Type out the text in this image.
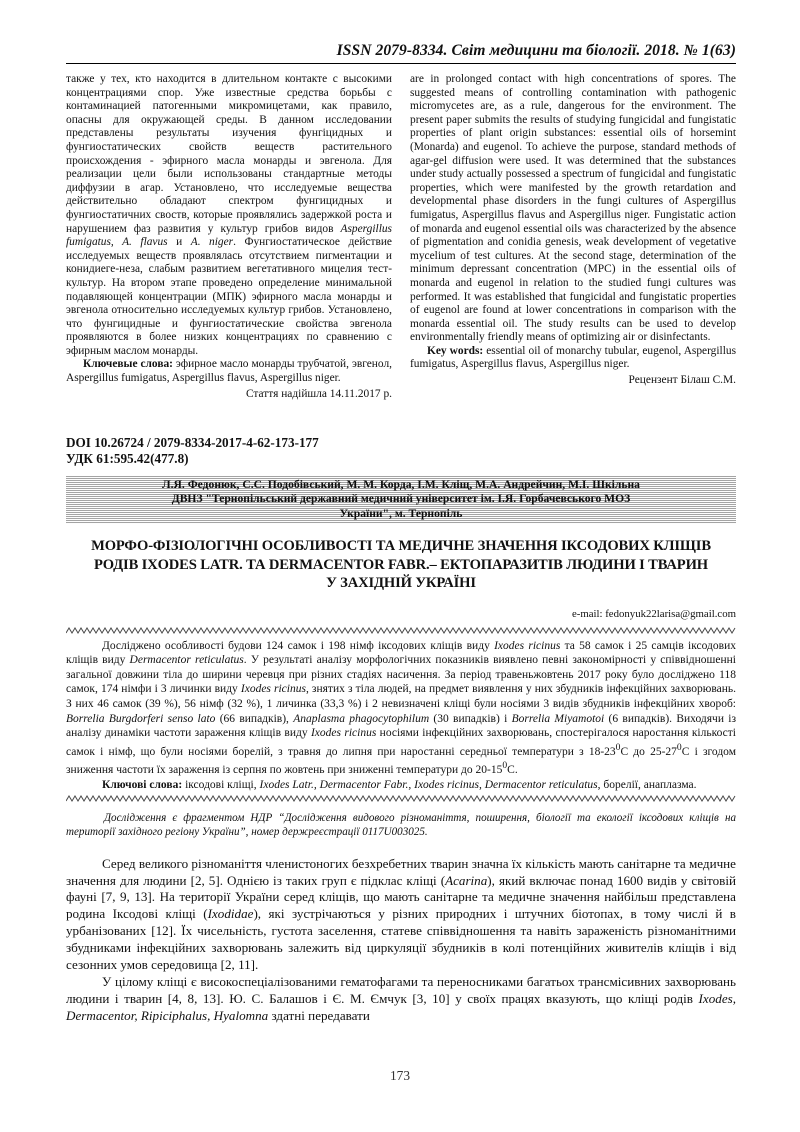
ISSN 2079-8334. Світ медицини та біології. 2018. № 1(63)

также у тех, кто находится в длительном контакте с высокими концентрациями спор. Уже известные средства борьбы с контаминацией патогенными микромицетами, как правило, опасны для окружающей среды. В данном исследовании представлены результаты изучения фунгіцидных и фунгиостатических свойств веществ растительного происхождения - эфирного масла монарды и эвгенола. Для реализации цели были использованы стандартные методы диффузии в агар. Установлено, что исследуемые вещества действительно обладают спектром фунгицидных и фунгиостатичних своств, которые проявлялись задержкой роста и нарушением фаз развития у культур грибов видов Aspergillus fumigatus, A. flavus и A. niger. Фунгиостатическое действие исследуемых веществ проявлялась отсутствием пигментации и конидиеге-неза, слабым развитием вегетативного мицелия тест-культур. На втором этапе проведено определение минимальной подавляющей концентрации (МПК) эфирного масла монарды и эвгенола относительно исследуемых культур грибов. Установлено, что фунгицидные и фунгиостатические свойства эвгенола проявляются в более низких концентрациях по сравнению с эфирным маслом монарды.

Ключевые слова: эфирное масло монарды трубчатой, эвгенол, Aspergillus fumigatus, Aspergillus flavus, Aspergillus niger.

Стаття надійшла 14.11.2017 р.

are in prolonged contact with high concentrations of spores. The suggested means of controlling contamination with pathogenic micromycetes are, as a rule, dangerous for the environment. The present paper submits the results of studying fungicidal and fungistatic properties of plant origin substances: essential oils of horsemint (Monarda) and eugenol. To achieve the purpose, standard methods of agar-gel diffusion were used. It was determined that the substances under study actually possessed a spectrum of fungicidal and fungistatic properties, which were manifested by the growth retardation and developmental phase disorders in the fungi cultures of Aspergillus fumigatus, Aspergillus flavus and Aspergillus niger. Fungistatic action of monarda and eugenol essential oils was characterized by the absence of pigmentation and conidia genesis, weak development of vegetative mycelium of test cultures. At the second stage, determination of the minimum depressant concentration (MPC) in the essential oils of monarda and eugenol in relation to the studied fungi cultures was performed. It was established that fungicidal and fungistatic properties of eugenol are found at lower concentrations in comparison with the monarda essential oil. The study results can be used to develop environmentally friendly means of optimizing air or disinfectants.

Key words: essential oil of monarchy tubular, eugenol, Aspergillus fumigatus, Aspergillus flavus, Aspergillus niger.

Рецензент Білаш С.М.

DOI 10.26724 / 2079-8334-2017-4-62-173-177
УДК 61:595.42(477.8)
Л.Я. Федонюк, С.С. Подобівський, М. М. Корда, І.М. Кліщ, М.А. Андрейчин, М.І. Шкільна
ДВНЗ "Тернопільський державний медичний університет ім. І.Я. Горбачевського МОЗ
України", м. Тернопіль
МОРФО-ФІЗІОЛОГІЧНІ ОСОБЛИВОСТІ ТА МЕДИЧНЕ ЗНАЧЕННЯ ІКСОДОВИХ КЛІЩІВ
РОДІВ IXODES LATR. ТА DERMACENTOR FABR.– ЕКТОПАРАЗИТІВ ЛЮДИНИ І ТВАРИН
У ЗАХІДНІЙ УКРАЇНІ
e-mail: fedonyuk22larisa@gmail.com

Досліджено особливості будови 124 самок і 198 німф іксодових кліщів виду Ixodes ricinus та 58 самок і 25 самців іксодових кліщів виду Dermacentor reticulatus. У результаті аналізу морфологічних показників виявлено певні закономірності у співвідношенні загальної довжини тіла до ширини черевця при різних стадіях насичення. За період травеньжовтень 2017 року було досліджено 118 самок, 174 німфи і 3 личинки виду Ixodes ricinus, знятих з тіла людей, на предмет виявлення у них збудників інфекційних захворювань. З них 46 самок (39 %), 56 німф (32 %), 1 личинка (33,3 %) і 2 невизначені кліщі були носіями 3 видів збудників інфекційних хвороб: Borrelia Burgdorferi senso lato (66 випадків), Anaplasma phagocytophilum (30 випадків) і Borrelia Miyamotoi (6 випадків). Виходячи із аналізу динаміки частоти зараження кліщів виду Ixodes ricinus носіями інфекційних захворювань, спостерігалося наростання кількості самок і німф, що були носіями борелій, з травня до липня при наростанні середньої температури з $18-23^0С$ до $25-27^0С$ і згодом зниження частоти їх зараження із серпня по жовтень при зниженні температури до $20-15^0С$.

Ключові слова: іксодові кліщі, Ixodes Latr., Dermacentor Fabr., Ixodes ricinus, Dermacentor reticulatus, борелії, анаплазма.

Дослідження є фрагментом НДР “Дослідження видового різноманіття, поширення, біології та екології іксодових кліщів на території західного регіону України”, номер держреєстрації 0117U003025.

Серед великого різноманіття членистоногих безхребетних тварин значна їх кількість мають санітарне та медичне значення для людини [2, 5]. Однією із таких груп є підклас кліщі (Acarina), який включає понад 1600 видів у світовій фауні [7, 9, 13]. На території України серед кліщів, що мають санітарне та медичне значення найбільш представлена родина Іксодові кліщі (Ixodidae), які зустрічаються у різних природних і штучних біотопах, в тому числі й в урбанізованих [12]. Їх чисельність, густота заселення, статеве співвідношення та навіть зараженість різноманітними збудниками інфекційних захворювань залежить від циркуляції збудників в колі потенційних живителів кліщів і від сезонних умов середовища [2, 11].

У цілому кліщі є високоспеціалізованими гематофагами та переносниками багатьох трансмісивних захворювань людини і тварин [4, 8, 13]. Ю. С. Балашов і Є. М. Ємчук [3, 10] у своїх працях вказують, що кліщі родів Ixodes, Dermacentor, Ripiciphalus, Hyalomna здатні передавати

173
